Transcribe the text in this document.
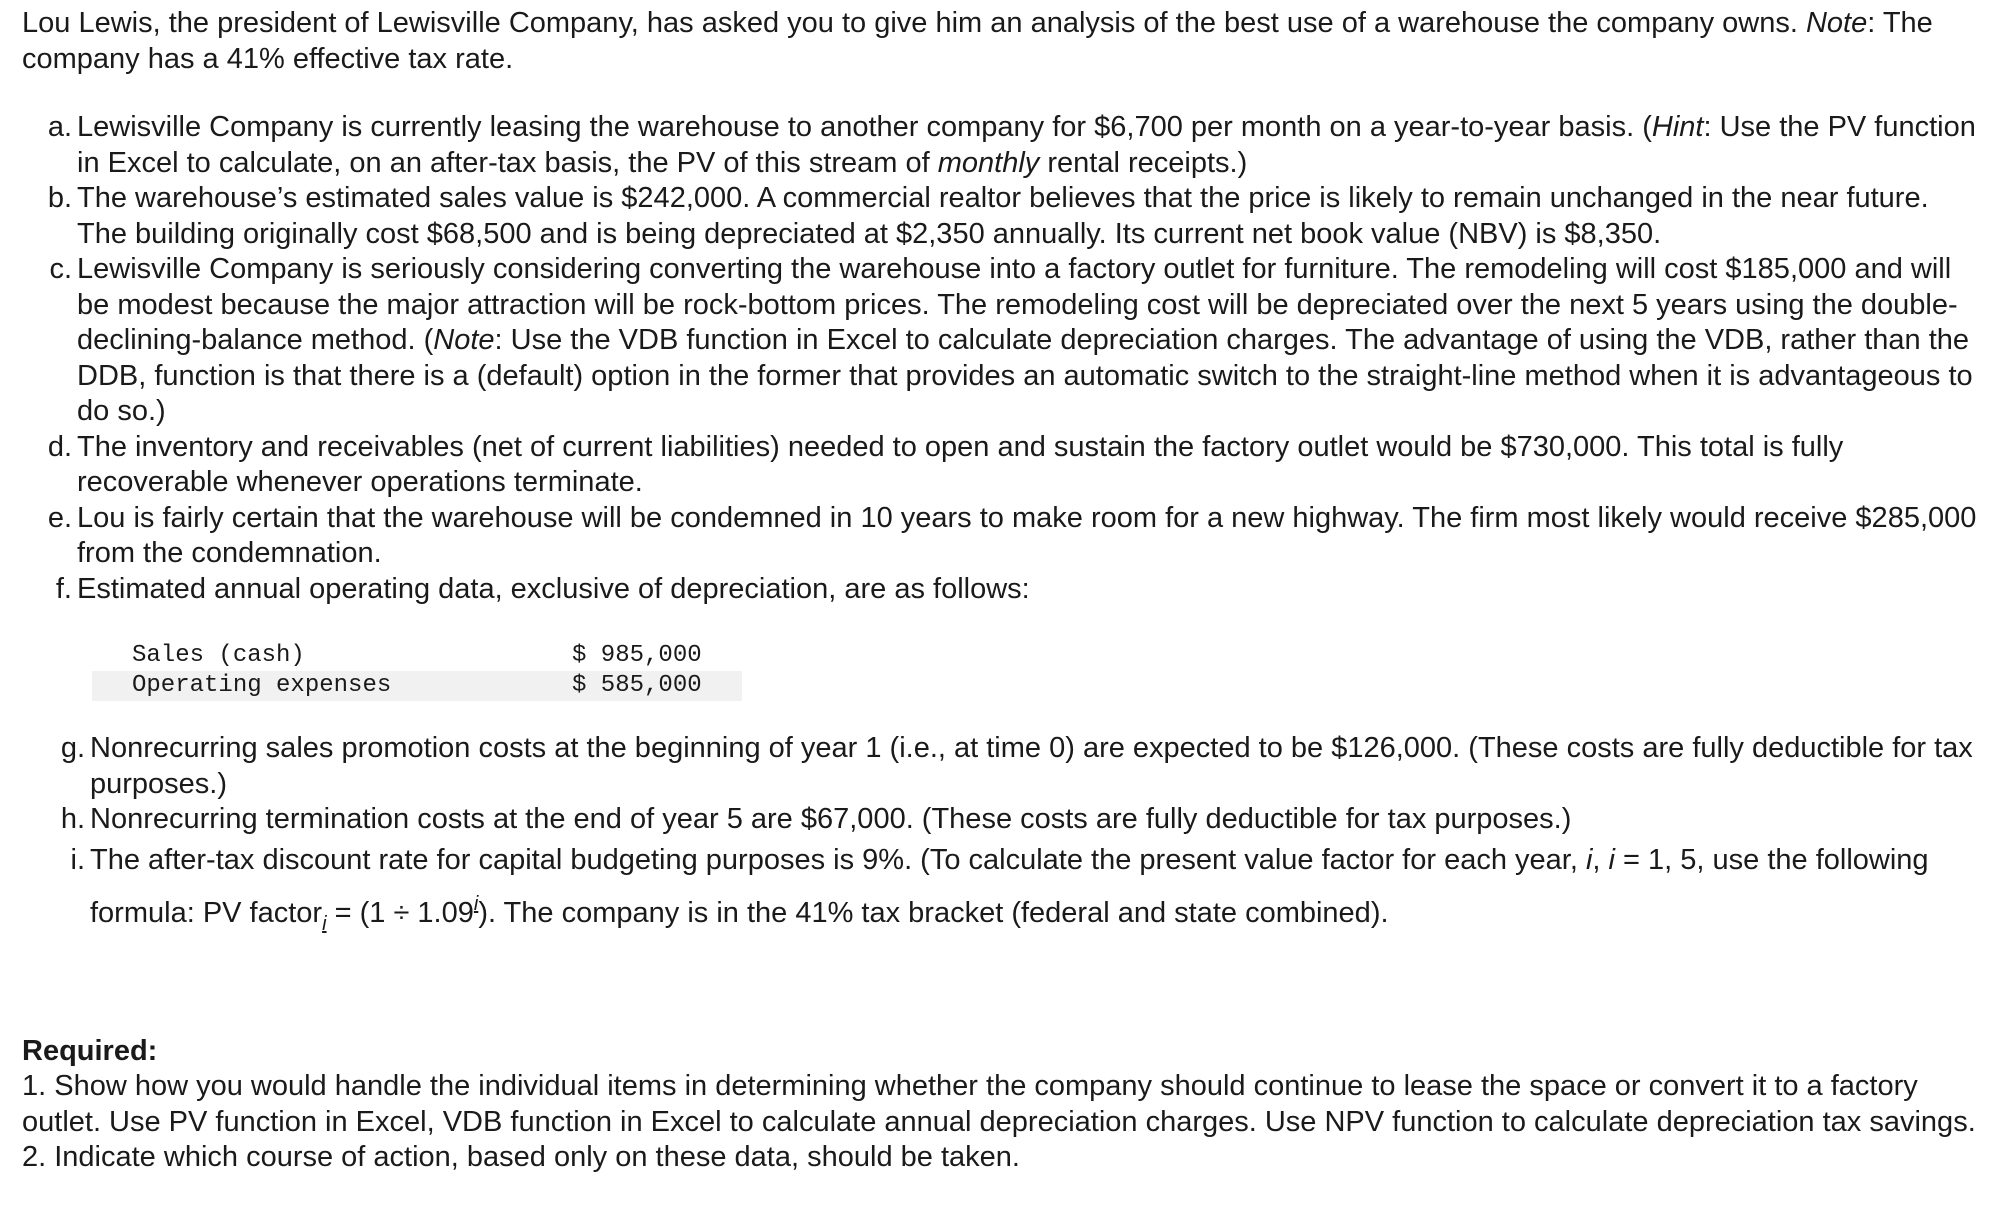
Lou Lewis, the president of Lewisville Company, has asked you to give him an analysis of the best use of a warehouse the company owns. Note: The company has a 41% effective tax rate.

a. Lewisville Company is currently leasing the warehouse to another company for $6,700 per month on a year-to-year basis. (Hint: Use the PV function in Excel to calculate, on an after-tax basis, the PV of this stream of monthly rental receipts.)

b. The warehouse’s estimated sales value is $242,000. A commercial realtor believes that the price is likely to remain unchanged in the near future. The building originally cost $68,500 and is being depreciated at $2,350 annually. Its current net book value (NBV) is $8,350.

c. Lewisville Company is seriously considering converting the warehouse into a factory outlet for furniture. The remodeling will cost $185,000 and will be modest because the major attraction will be rock-bottom prices. The remodeling cost will be depreciated over the next 5 years using the double-declining-balance method. (Note: Use the VDB function in Excel to calculate depreciation charges. The advantage of using the VDB, rather than the DDB, function is that there is a (default) option in the former that provides an automatic switch to the straight-line method when it is advantageous to do so.)

d. The inventory and receivables (net of current liabilities) needed to open and sustain the factory outlet would be $730,000. This total is fully recoverable whenever operations terminate.

e. Lou is fairly certain that the warehouse will be condemned in 10 years to make room for a new highway. The firm most likely would receive $285,000 from the condemnation.

f. Estimated annual operating data, exclusive of depreciation, are as follows:

Sales (cash)	$ 985,000
Operating expenses	$ 585,000

g. Nonrecurring sales promotion costs at the beginning of year 1 (i.e., at time 0) are expected to be $126,000. (These costs are fully deductible for tax purposes.)

h. Nonrecurring termination costs at the end of year 5 are $67,000. (These costs are fully deductible for tax purposes.)

i. The after-tax discount rate for capital budgeting purposes is 9%. (To calculate the present value factor for each year, i, i = 1, 5, use the following formula: PV factor$_i$ = $(1 \div 1.09^i)$. The company is in the 41% tax bracket (federal and state combined).

Required:

1. Show how you would handle the individual items in determining whether the company should continue to lease the space or convert it to a factory outlet. Use PV function in Excel, VDB function in Excel to calculate annual depreciation charges. Use NPV function to calculate depreciation tax savings.

2. Indicate which course of action, based only on these data, should be taken.
